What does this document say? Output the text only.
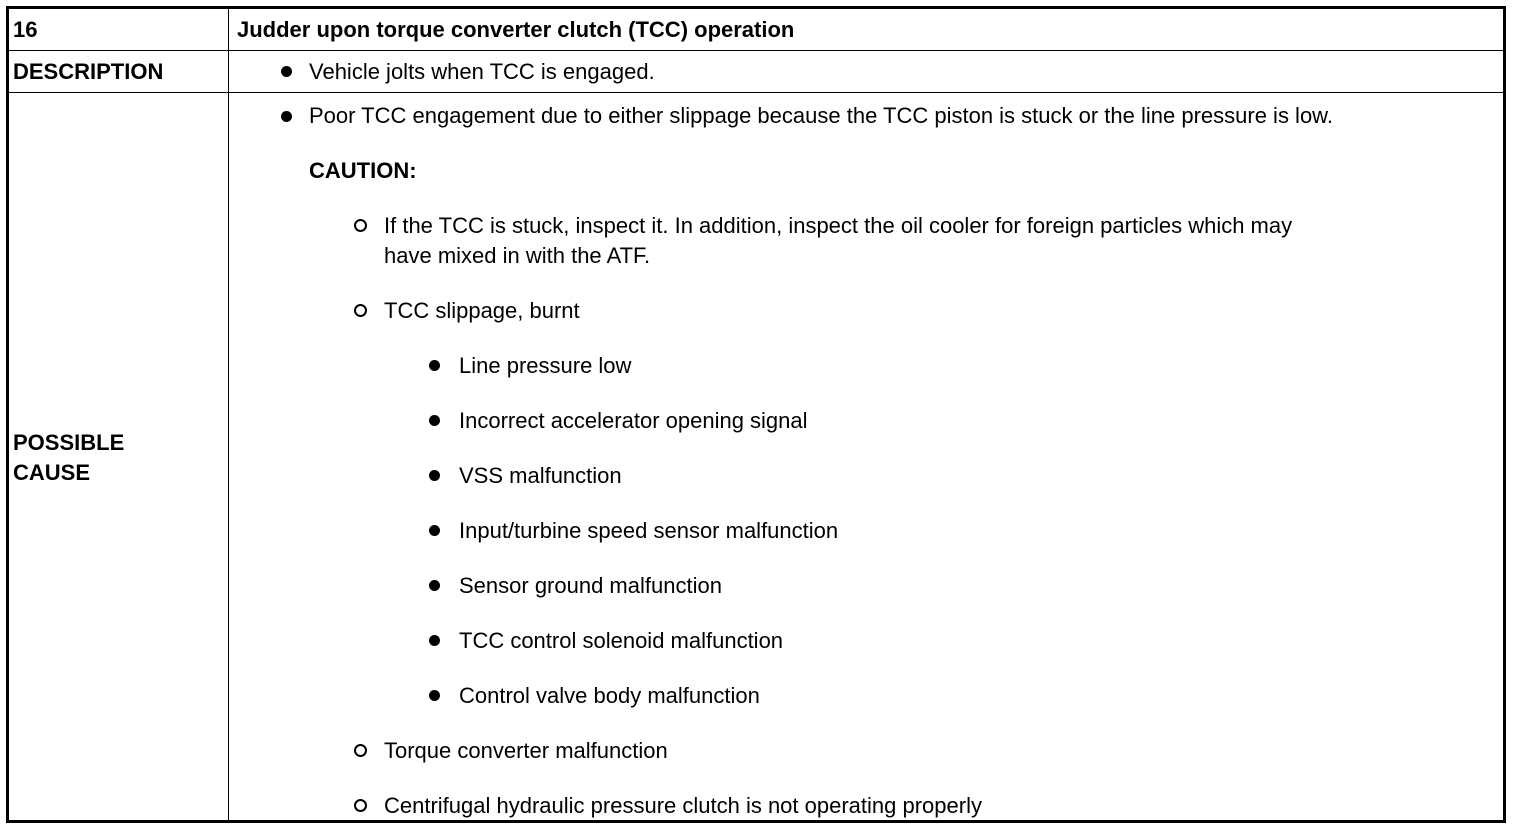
16	Judder upon torque converter clutch (TCC) operation
DESCRIPTION	Vehicle jolts when TCC is engaged.
POSSIBLE
CAUSE
Poor TCC engagement due to either slippage because the TCC piston is stuck or the line pressure is low.
CAUTION:
If the TCC is stuck, inspect it. In addition, inspect the oil cooler for foreign particles which may
have mixed in with the ATF.
TCC slippage, burnt
Line pressure low
Incorrect accelerator opening signal
VSS malfunction
Input/turbine speed sensor malfunction
Sensor ground malfunction
TCC control solenoid malfunction
Control valve body malfunction
Torque converter malfunction
Centrifugal hydraulic pressure clutch is not operating properly
